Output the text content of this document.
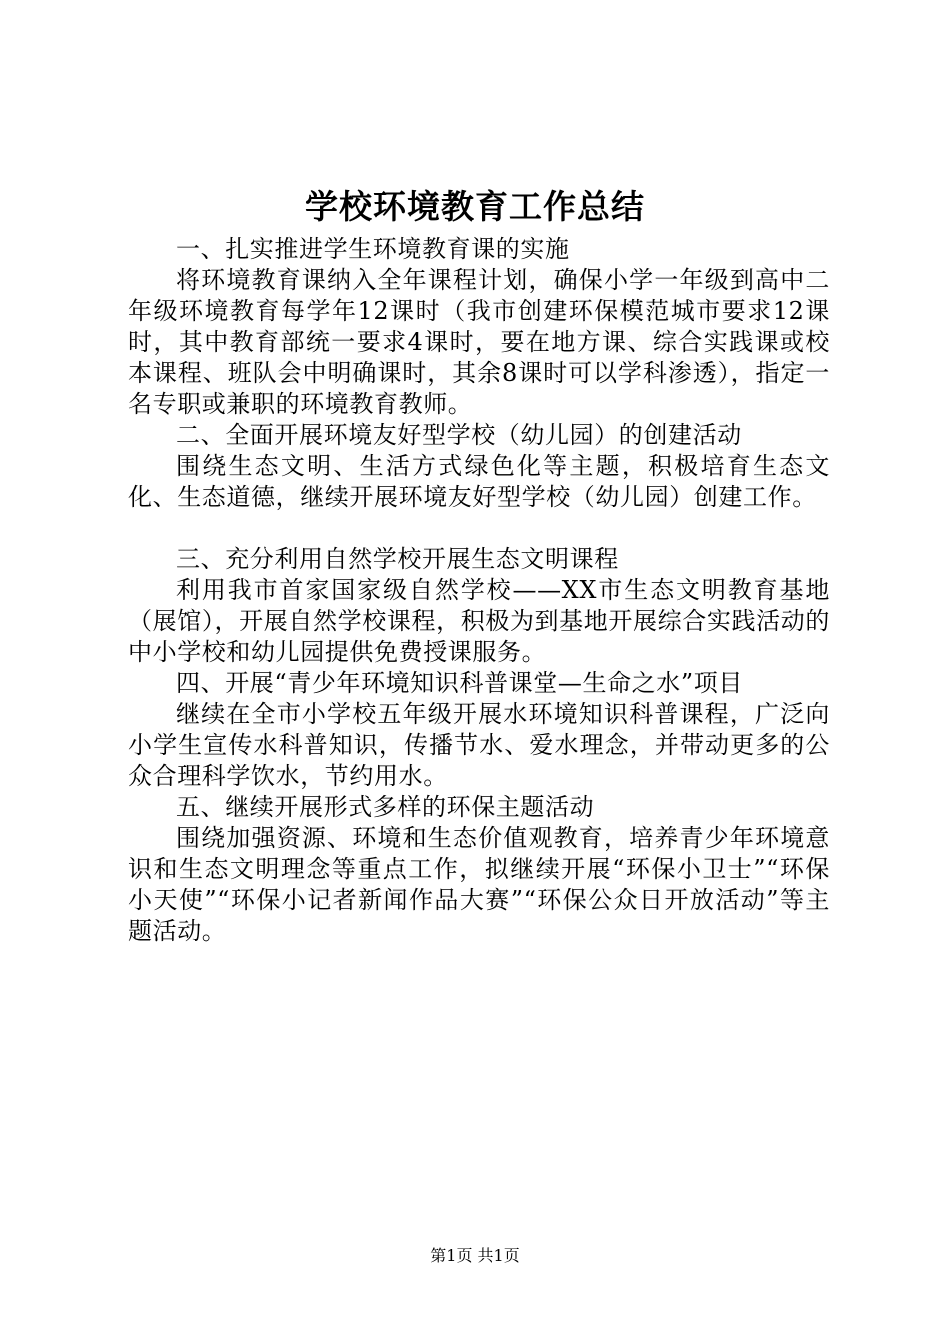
学校环境教育工作总结

一、扎实推进学生环境教育课的实施

将环境教育课纳入全年课程计划，确保小学一年级到高中二年级环境教育每学年12课时（我市创建环保模范城市要求12课时，其中教育部统一要求4课时，要在地方课、综合实践课或校本课程、班队会中明确课时，其余8课时可以学科渗透），指定一名专职或兼职的环境教育教师。

二、全面开展环境友好型学校（幼儿园）的创建活动

围绕生态文明、生活方式绿色化等主题，积极培育生态文化、生态道德，继续开展环境友好型学校（幼儿园）创建工作。

三、充分利用自然学校开展生态文明课程

利用我市首家国家级自然学校——XX市生态文明教育基地（展馆），开展自然学校课程，积极为到基地开展综合实践活动的中小学校和幼儿园提供免费授课服务。

四、开展“青少年环境知识科普课堂—生命之水”项目

继续在全市小学校五年级开展水环境知识科普课程，广泛向小学生宣传水科普知识，传播节水、爱水理念，并带动更多的公众合理科学饮水，节约用水。

五、继续开展形式多样的环保主题活动

围绕加强资源、环境和生态价值观教育，培养青少年环境意识和生态文明理念等重点工作，拟继续开展“环保小卫士”“环保小天使”“环保小记者新闻作品大赛”“环保公众日开放活动”等主题活动。

第1页 共1页
